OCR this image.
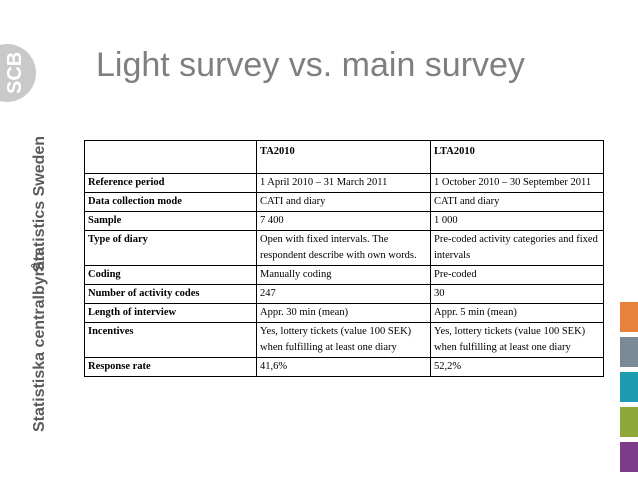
SCB
Statistics Sweden
Statistiska centralbyrån
Light survey vs. main survey
	TA2010	LTA2010
Reference period	1 April 2010 – 31 March 2011	1 October 2010 – 30 September 2011
Data collection mode	CATI and diary	CATI and diary
Sample	7 400	1 000
Type of diary	Open with fixed intervals. The respondent describe with own words.	Pre-coded activity categories and fixed intervals
Coding	Manually coding	Pre-coded
Number of activity codes	247	30
Length of interview	Appr. 30 min (mean)	Appr. 5 min (mean)
Incentives	Yes, lottery tickets (value 100 SEK) when fulfilling at least one diary	Yes, lottery tickets (value 100 SEK) when fulfilling at least one diary
Response rate	41,6%	52,2%
